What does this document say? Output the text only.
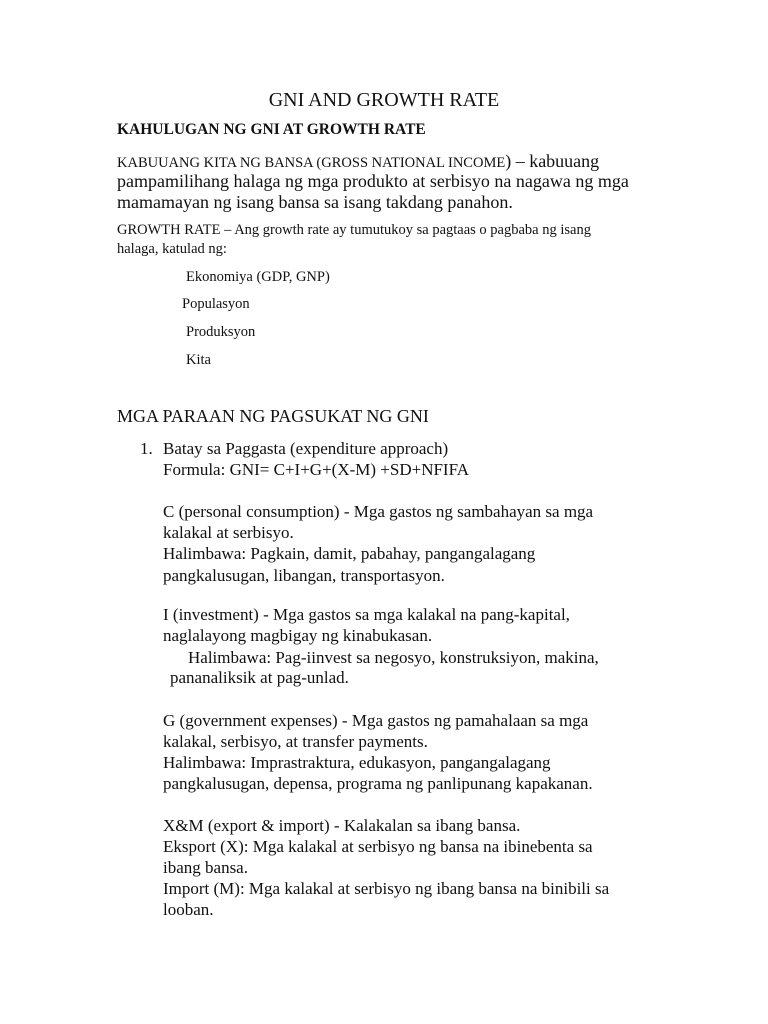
GNI AND GROWTH RATE

KAHULUGAN NG GNI AT GROWTH RATE

KABUUANG KITA NG BANSA (GROSS NATIONAL INCOME) – kabuuang

pampamilihang halaga ng mga produkto at serbisyo na nagawa ng mga

mamamayan ng isang bansa sa isang takdang panahon.

GROWTH RATE – Ang growth rate ay tumutukoy sa pagtaas o pagbaba ng isang

halaga, katulad ng:

Ekonomiya (GDP, GNP)

Populasyon

Produksyon

Kita

MGA PARAAN NG PAGSUKAT NG GNI

1. Batay sa Paggasta (expenditure approach)

Formula: GNI= C+I+G+(X-M) +SD+NFIFA

C (personal consumption) - Mga gastos ng sambahayan sa mga

kalakal at serbisyo.

Halimbawa: Pagkain, damit, pabahay, pangangalagang

pangkalusugan, libangan, transportasyon.

I (investment) - Mga gastos sa mga kalakal na pang-kapital,

naglalayong magbigay ng kinabukasan.

Halimbawa: Pag-iinvest sa negosyo, konstruksiyon, makina,

pananaliksik at pag-unlad.

G (government expenses) - Mga gastos ng pamahalaan sa mga

kalakal, serbisyo, at transfer payments.

Halimbawa: Imprastraktura, edukasyon, pangangalagang

pangkalusugan, depensa, programa ng panlipunang kapakanan.

X&M (export & import) - Kalakalan sa ibang bansa.

Eksport (X): Mga kalakal at serbisyo ng bansa na ibinebenta sa

ibang bansa.

Import (M): Mga kalakal at serbisyo ng ibang bansa na binibili sa

looban.
